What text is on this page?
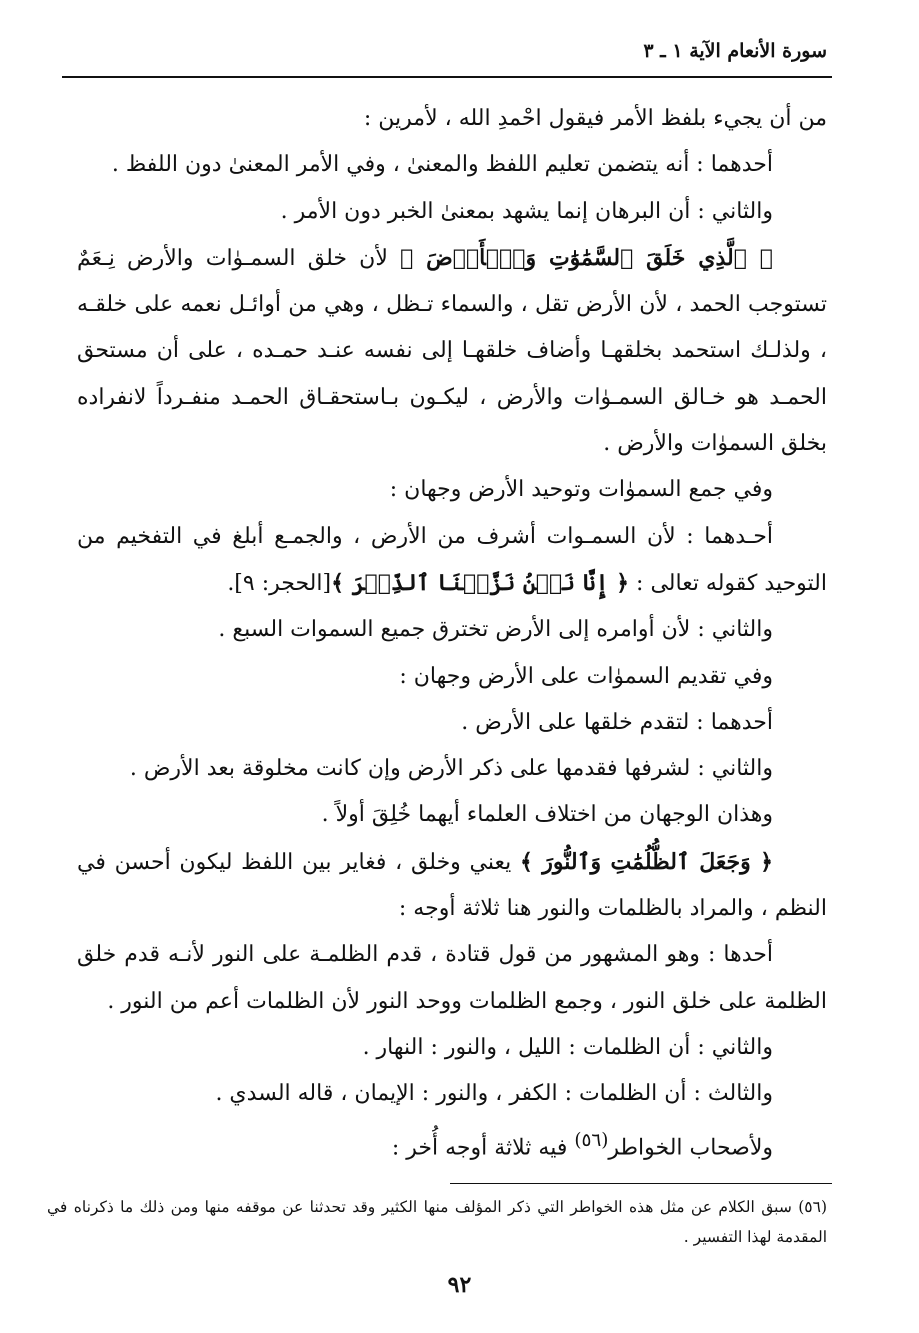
سورة الأنعام الآية ١ ـ ٣

من أن يجيء بلفظ الأمر فيقول احْمدِ الله ، لأمرين :

أحدهما : أنه يتضمن تعليم اللفظ والمعنىٰ ، وفي الأمر المعنىٰ دون اللفظ .

والثاني : أن البرهان إنما يشهد بمعنىٰ الخبر دون الأمر .

﴿ ٱلَّذِي خَلَقَ ٱلسَّمَٰوَٰتِ وَٱلۡأَرۡضَ ﴾ لأن خلق السمـوٰات والأرض نِـعَمٌ تستوجب الحمد ، لأن الأرض تقل ، والسماء تـظل ، وهي من أوائـل نعمه على خلقـه ، ولذلـك استحمد بخلقهـا وأضاف خلقهـا إلى نفسه عنـد حمـده ، على أن مستحق الحمـد هو خـالق السمـوٰات والأرض ، ليكـون بـاستحقـاق الحمـد منفـرداً لانفراده بخلق السموٰات والأرض .

وفي جمع السموٰات وتوحيد الأرض وجهان :

أحـدهما : لأن السمـوات أشرف من الأرض ، والجمـع أبلغ في التفخيم من التوحيد كقوله تعالى : ﴿ إِنَّا نَحۡنُ نَزَّلۡنَا ٱلذِّكۡرَ ﴾[الحجر: ٩].

والثاني : لأن أوامره إلى الأرض تخترق جميع السموات السبع .

وفي تقديم السموٰات على الأرض وجهان :

أحدهما : لتقدم خلقها على الأرض .

والثاني : لشرفها فقدمها على ذكر الأرض وإن كانت مخلوقة بعد الأرض .

وهذان الوجهان من اختلاف العلماء أيهما خُلِقَ أولاً .

﴿ وَجَعَلَ ٱلظُّلُمَٰتِ وَٱلنُّورَ ﴾ يعني وخلق ، فغاير بين اللفظ ليكون أحسن في النظم ، والمراد بالظلمات والنور هنا ثلاثة أوجه :

أحدها : وهو المشهور من قول قتادة ، قدم الظلمـة على النور لأنـه قدم خلق الظلمة على خلق النور ، وجمع الظلمات ووحد النور لأن الظلمات أعم من النور .

والثاني : أن الظلمات : الليل ، والنور : النهار .

والثالث : أن الظلمات : الكفر ، والنور : الإيمان ، قاله السدي .

ولأصحاب الخواطر$^{(٥٦)}$ فيه ثلاثة أوجه أُخر :

(٥٦) سبق الكلام عن مثل هذه الخواطر التي ذكر المؤلف منها الكثير وقد تحدثنا عن موقفه منها ومن ذلك ما ذكرناه في المقدمة لهذا التفسير .
٩٢
